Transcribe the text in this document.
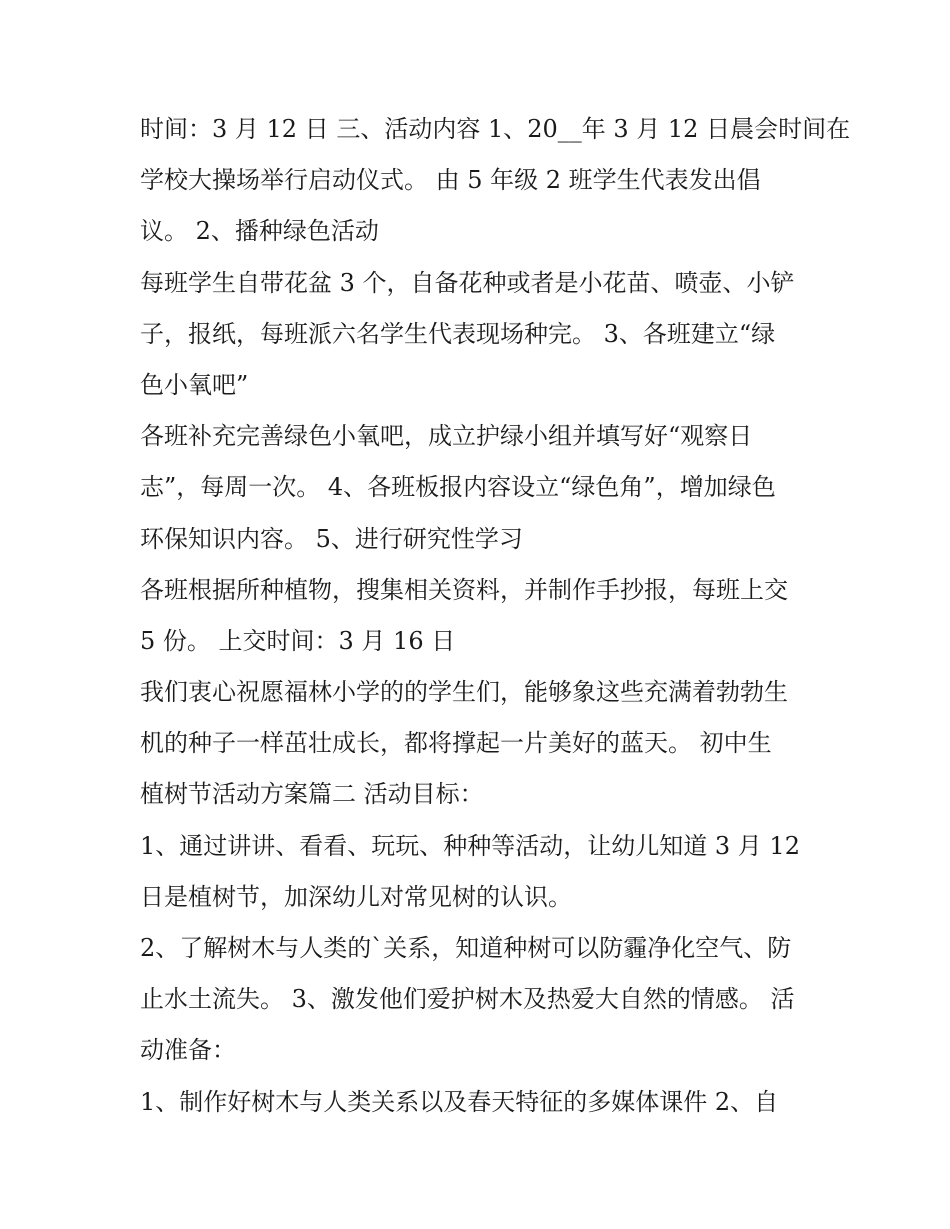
时间：3 月 12 日 三、活动内容 1、20__年 3 月 12 日晨会时间在
学校大操场举行启动仪式。 由 5 年级 2 班学生代表发出倡
议。 2、播种绿色活动
每班学生自带花盆 3 个，自备花种或者是小花苗、喷壶、小铲
子，报纸，每班派六名学生代表现场种完。 3、各班建立“绿
色小氧吧”
各班补充完善绿色小氧吧，成立护绿小组并填写好“观察日
志”，每周一次。 4、各班板报内容设立“绿色角”，增加绿色
环保知识内容。 5、进行研究性学习
各班根据所种植物，搜集相关资料，并制作手抄报，每班上交
5 份。 上交时间：3 月 16 日
我们衷心祝愿福林小学的的学生们，能够象这些充满着勃勃生
机的种子一样茁壮成长，都将撑起一片美好的蓝天。 初中生
植树节活动方案篇二 活动目标：
1、通过讲讲、看看、玩玩、种种等活动，让幼儿知道 3 月 12
日是植树节，加深幼儿对常见树的认识。
2、了解树木与人类的`关系，知道种树可以防霾净化空气、防
止水土流失。 3、激发他们爱护树木及热爱大自然的情感。 活
动准备：
1、制作好树木与人类关系以及春天特征的多媒体课件 2、自
